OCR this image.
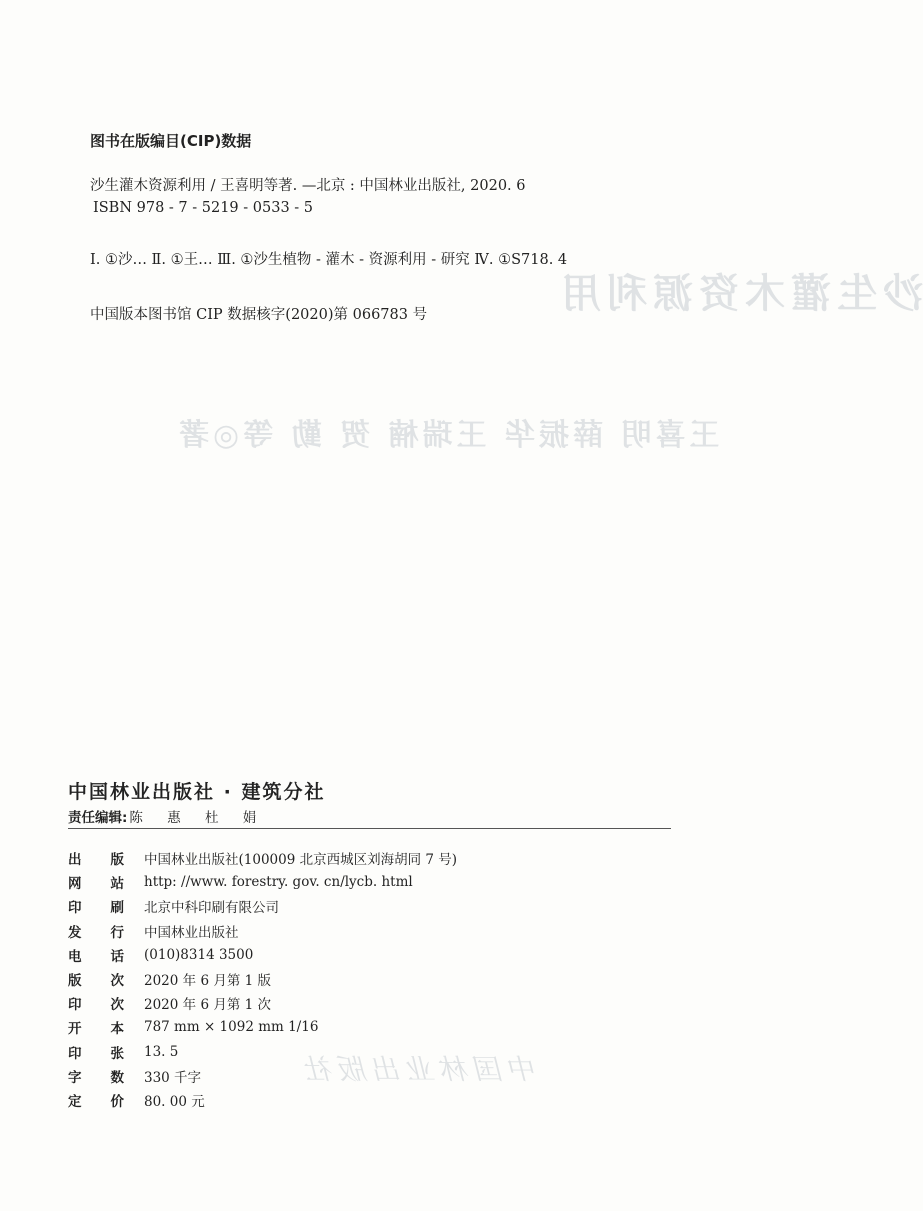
沙生灌木资源利用
王喜明 薛振华 王瑞楠 贺 勤 等◎著
中国林业出版社
图书在版编目(CIP)数据
沙生灌木资源利用 / 王喜明等著. —北京 : 中国林业出版社, 2020. 6
ISBN 978 - 7 - 5219 - 0533 - 5
Ⅰ. ①沙… Ⅱ. ①王… Ⅲ. ①沙生植物 - 灌木 - 资源利用 - 研究 Ⅳ. ①S718. 4
中国版本图书馆 CIP 数据核字(2020)第 066783 号
中国林业出版社 · 建筑分社
责任编辑: 陈 惠 杜 娟
出 版 中国林业出版社(100009 北京西城区刘海胡同 7 号)
网 站 http: //www. forestry. gov. cn/lycb. html
印 刷 北京中科印刷有限公司
发 行 中国林业出版社
电 话 (010)8314 3500
版 次 2020 年 6 月第 1 版
印 次 2020 年 6 月第 1 次
开 本 787 mm × 1092 mm 1/16
印 张 13. 5
字 数 330 千字
定 价 80. 00 元
